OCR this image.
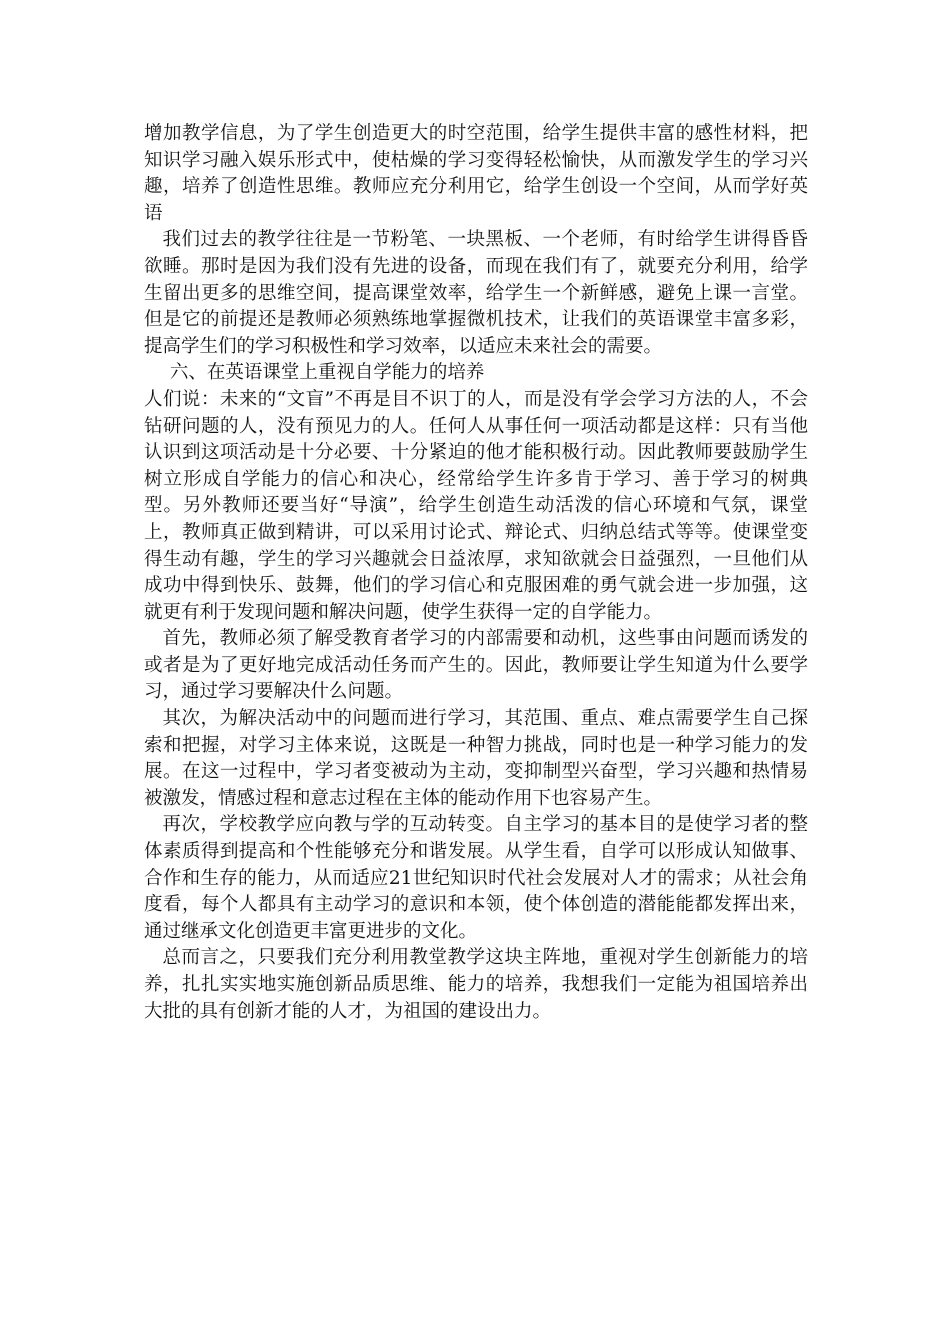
增加教学信息，为了学生创造更大的时空范围，给学生提供丰富的感性材料，把知识学习融入娱乐形式中，使枯燥的学习变得轻松愉快，从而激发学生的学习兴趣，培养了创造性思维。教师应充分利用它，给学生创设一个空间，从而学好英语

我们过去的教学往往是一节粉笔、一块黑板、一个老师，有时给学生讲得昏昏欲睡。那时是因为我们没有先进的设备，而现在我们有了，就要充分利用，给学生留出更多的思维空间，提高课堂效率，给学生一个新鲜感，避免上课一言堂。但是它的前提还是教师必须熟练地掌握微机技术，让我们的英语课堂丰富多彩，提高学生们的学习积极性和学习效率，以适应未来社会的需要。

六、在英语课堂上重视自学能力的培养

人们说：未来的“文盲”不再是目不识丁的人，而是没有学会学习方法的人，不会钻研问题的人，没有预见力的人。任何人从事任何一项活动都是这样：只有当他认识到这项活动是十分必要、十分紧迫的他才能积极行动。因此教师要鼓励学生树立形成自学能力的信心和决心，经常给学生许多肯于学习、善于学习的树典型。另外教师还要当好“导演”，给学生创造生动活泼的信心环境和气氛，课堂上，教师真正做到精讲，可以采用讨论式、辩论式、归纳总结式等等。使课堂变得生动有趣，学生的学习兴趣就会日益浓厚，求知欲就会日益强烈，一旦他们从成功中得到快乐、鼓舞，他们的学习信心和克服困难的勇气就会进一步加强，这就更有利于发现问题和解决问题，使学生获得一定的自学能力。

首先，教师必须了解受教育者学习的内部需要和动机，这些事由问题而诱发的或者是为了更好地完成活动任务而产生的。因此，教师要让学生知道为什么要学习，通过学习要解决什么问题。

其次，为解决活动中的问题而进行学习，其范围、重点、难点需要学生自己探索和把握，对学习主体来说，这既是一种智力挑战，同时也是一种学习能力的发展。在这一过程中，学习者变被动为主动，变抑制型兴奋型，学习兴趣和热情易被激发，情感过程和意志过程在主体的能动作用下也容易产生。

再次，学校教学应向教与学的互动转变。自主学习的基本目的是使学习者的整体素质得到提高和个性能够充分和谐发展。从学生看，自学可以形成认知做事、合作和生存的能力，从而适应21世纪知识时代社会发展对人才的需求；从社会角度看，每个人都具有主动学习的意识和本领，使个体创造的潜能能都发挥出来，通过继承文化创造更丰富更进步的文化。

总而言之，只要我们充分利用教堂教学这块主阵地，重视对学生创新能力的培养，扎扎实实地实施创新品质思维、能力的培养，我想我们一定能为祖国培养出大批的具有创新才能的人才，为祖国的建设出力。
